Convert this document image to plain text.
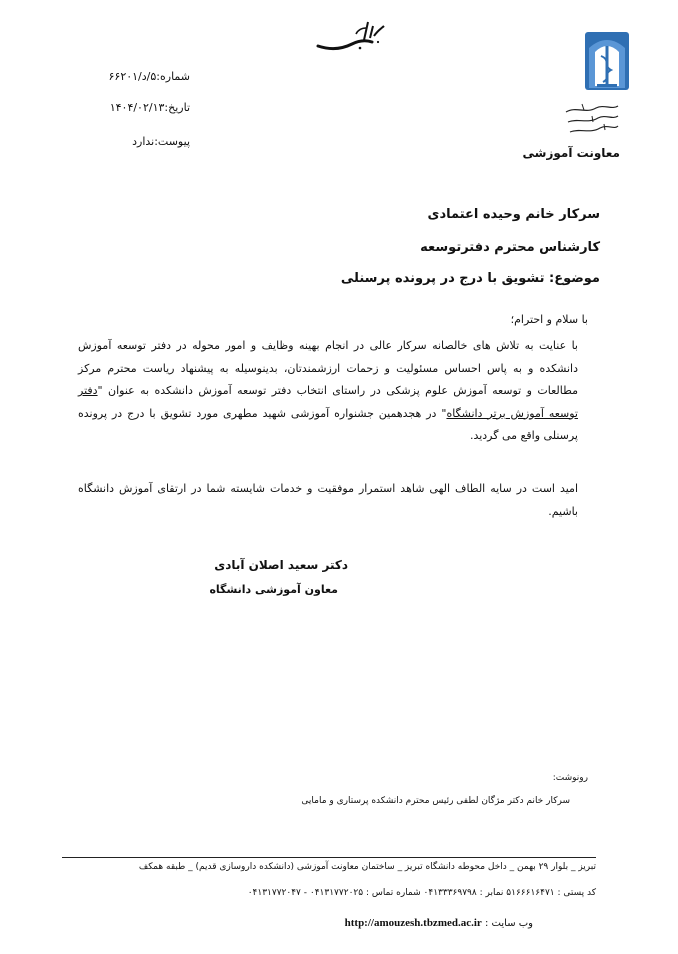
معاونت آموزشی
شماره:۵/د/۶۶۲۰۱
تاریخ:۱۴۰۴/۰۲/۱۳
پیوست:ندارد
سرکار خانم وحیده اعتمادی
کارشناس محترم دفترتوسعه
موضوع: تشویق با درج در پرونده پرسنلی
با سلام و احترام؛
با عنایت به تلاش های خالصانه سرکار عالی در انجام بهینه وظایف و امور محوله در دفتر توسعه آموزش دانشکده و به پاس احساس مسئولیت و زحمات ارزشمندتان، بدینوسیله به پیشنهاد ریاست محترم مرکز مطالعات و توسعه آموزش علوم پزشکی در راستای انتخاب دفتر توسعه آموزش دانشکده به عنوان "دفتر توسعه آموزش برتر دانشگاه" در هجدهمین جشنواره آموزشی شهید مطهری مورد تشویق با درج در پرونده پرسنلی واقع می گردید.
امید است در سایه الطاف الهی شاهد استمرار موفقیت و خدمات شایسته شما در ارتقای آموزش دانشگاه باشیم.
دکتر سعید اصلان آبادی
معاون آموزشی دانشگاه
رونوشت:
سرکار خانم دکتر مژگان لطفی رئیس محترم دانشکده پرستاری و مامایی
تبریز _ بلوار ۲۹ بهمن _ داخل محوطه دانشگاه تبریز _ ساختمان معاونت آموزشی (دانشکده داروسازی قدیم) _ طبقه همکف
کد پستی : ۵۱۶۶۶۱۶۴۷۱ نمابر : ۰۴۱۳۳۳۶۹۷۹۸ شماره تماس : ۰۴۱۳۱۷۷۲۰۲۵ - ۰۴۱۳۱۷۷۲۰۴۷
وب سایت : http://amouzesh.tbzmed.ac.ir
